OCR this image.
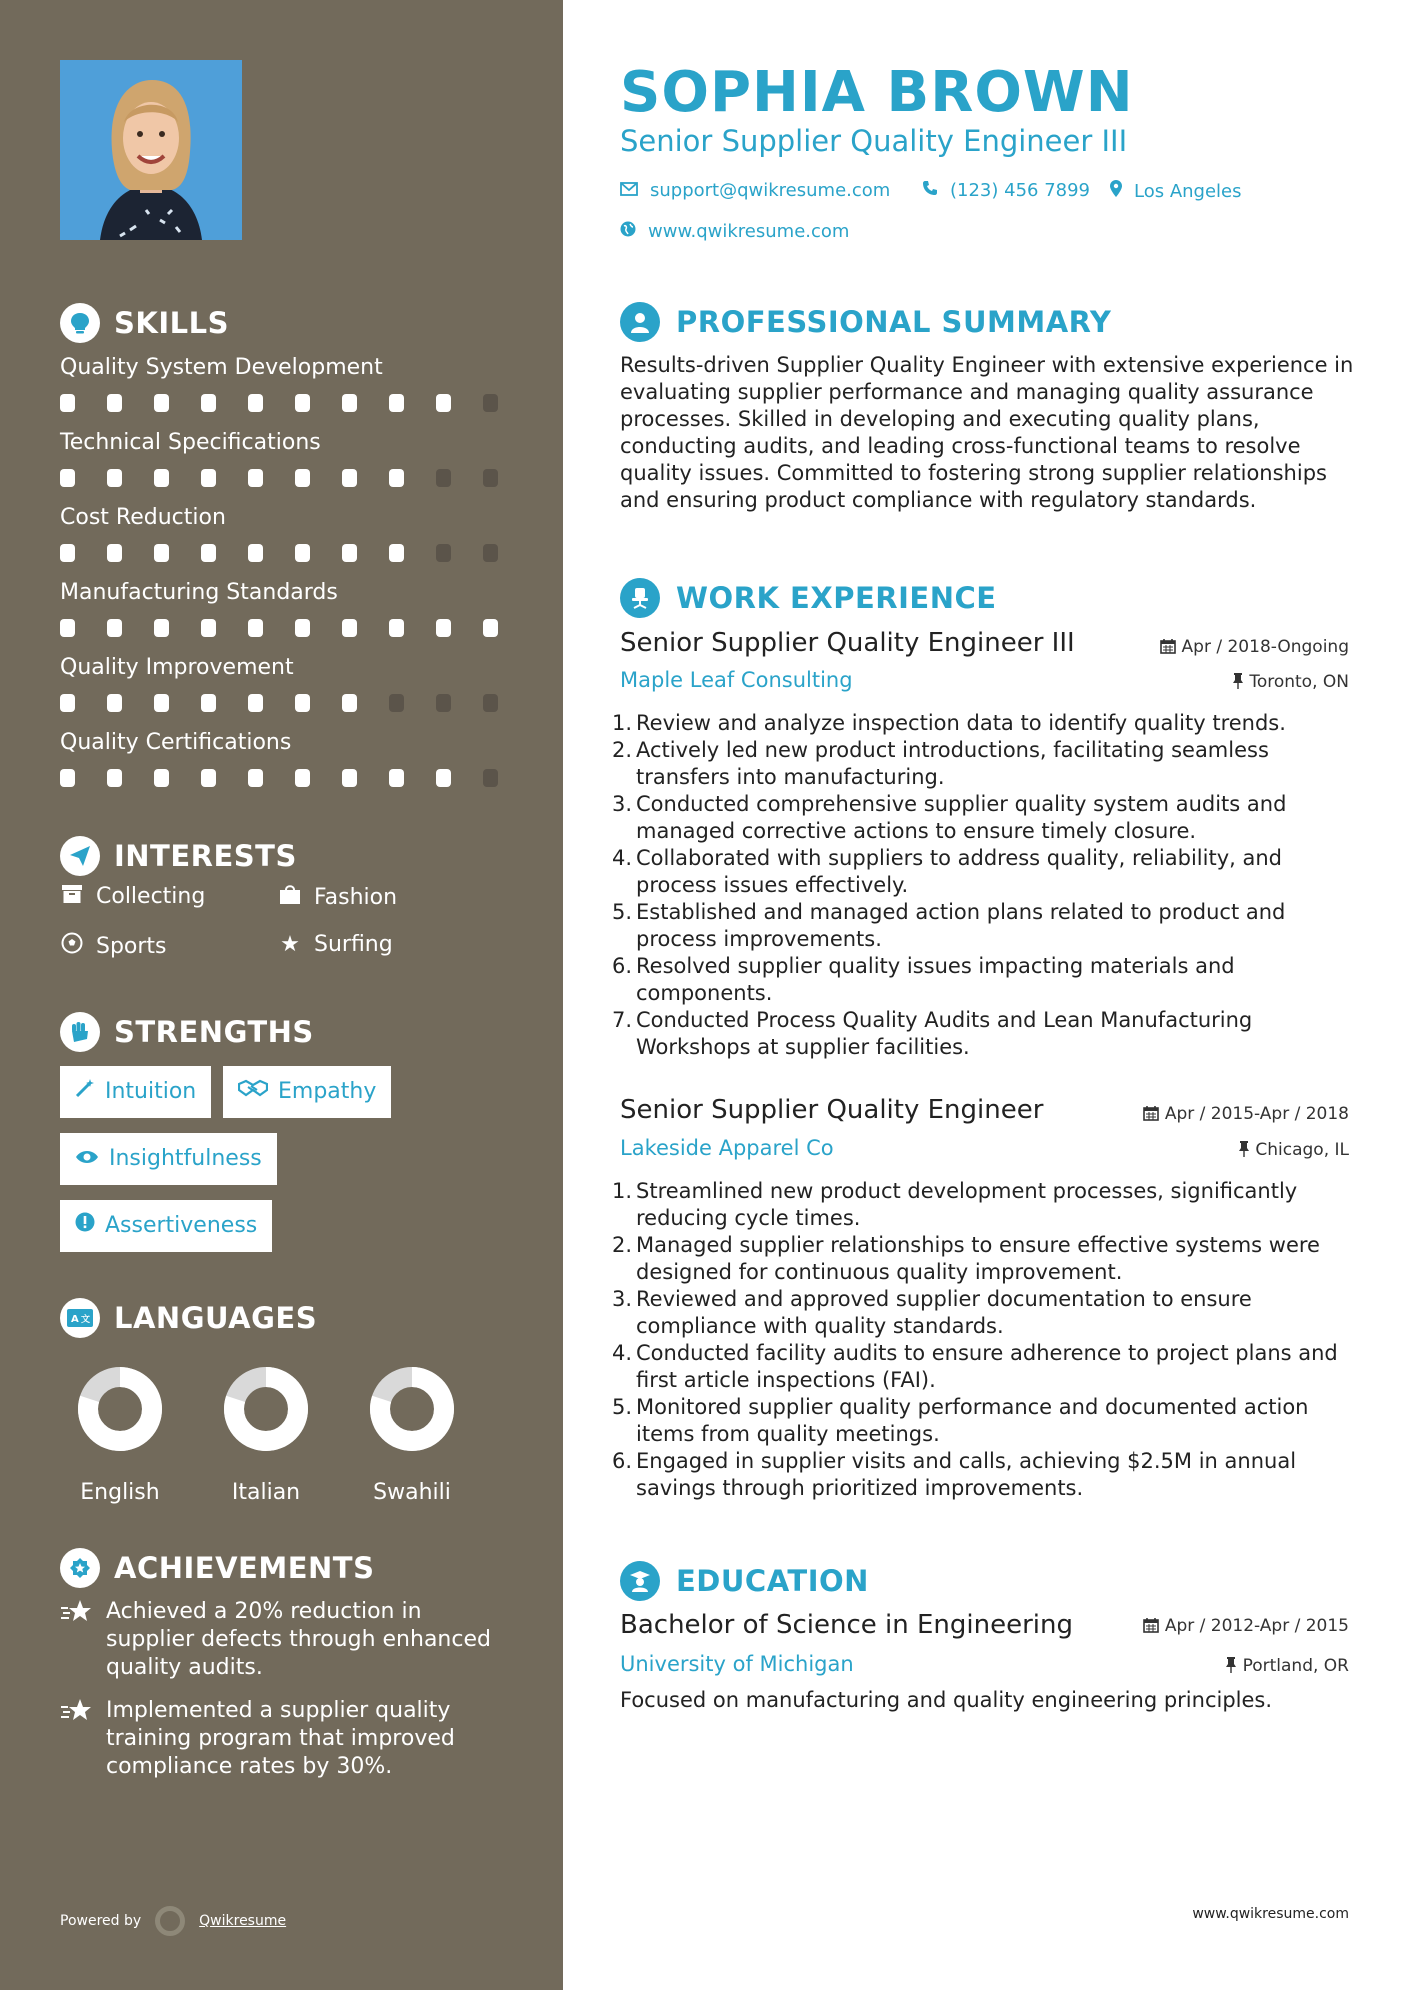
SKILLS
Quality System Development
Technical Specifications
Cost Reduction
Manufacturing Standards
Quality Improvement
Quality Certifications
INTERESTS
Collecting	Fashion
Sports	★ Surfing
STRENGTHS
Intuition	Empathy
Insightfulness
Assertiveness
A 文 LANGUAGES
English	Italian	Swahili
ACHIEVEMENTS
Achieved a 20% reduction in supplier defects through enhanced quality audits.
Implemented a supplier quality training program that improved compliance rates by 30%.
Powered by	Qwikresume
SOPHIA BROWN
Senior Supplier Quality Engineer III
support@qwikresume.com	(123) 456 7899 Los Angeles
www.qwikresume.com
PROFESSIONAL SUMMARY
Results-driven Supplier Quality Engineer with extensive experience in evaluating supplier performance and managing quality assurance processes. Skilled in developing and executing quality plans, conducting audits, and leading cross-functional teams to resolve quality issues. Committed to fostering strong supplier relationships and ensuring product compliance with regulatory standards.
WORK EXPERIENCE
Senior Supplier Quality Engineer III	Apr / 2018-Ongoing
Maple Leaf Consulting	Toronto, ON
1. Review and analyze inspection data to identify quality trends.
2. Actively led new product introductions, facilitating seamless transfers into manufacturing.
3. Conducted comprehensive supplier quality system audits and managed corrective actions to ensure timely closure.
4. Collaborated with suppliers to address quality, reliability, and process issues effectively.
5. Established and managed action plans related to product and process improvements.
6. Resolved supplier quality issues impacting materials and components.
7. Conducted Process Quality Audits and Lean Manufacturing Workshops at supplier facilities.
Senior Supplier Quality Engineer	Apr / 2015-Apr / 2018
Lakeside Apparel Co	Chicago, IL
1. Streamlined new product development processes, significantly reducing cycle times.
2. Managed supplier relationships to ensure effective systems were designed for continuous quality improvement.
3. Reviewed and approved supplier documentation to ensure compliance with quality standards.
4. Conducted facility audits to ensure adherence to project plans and first article inspections (FAI).
5. Monitored supplier quality performance and documented action items from quality meetings.
6. Engaged in supplier visits and calls, achieving $2.5M in annual savings through prioritized improvements.
EDUCATION
Bachelor of Science in Engineering	Apr / 2012-Apr / 2015
University of Michigan	Portland, OR
Focused on manufacturing and quality engineering principles.
www.qwikresume.com
